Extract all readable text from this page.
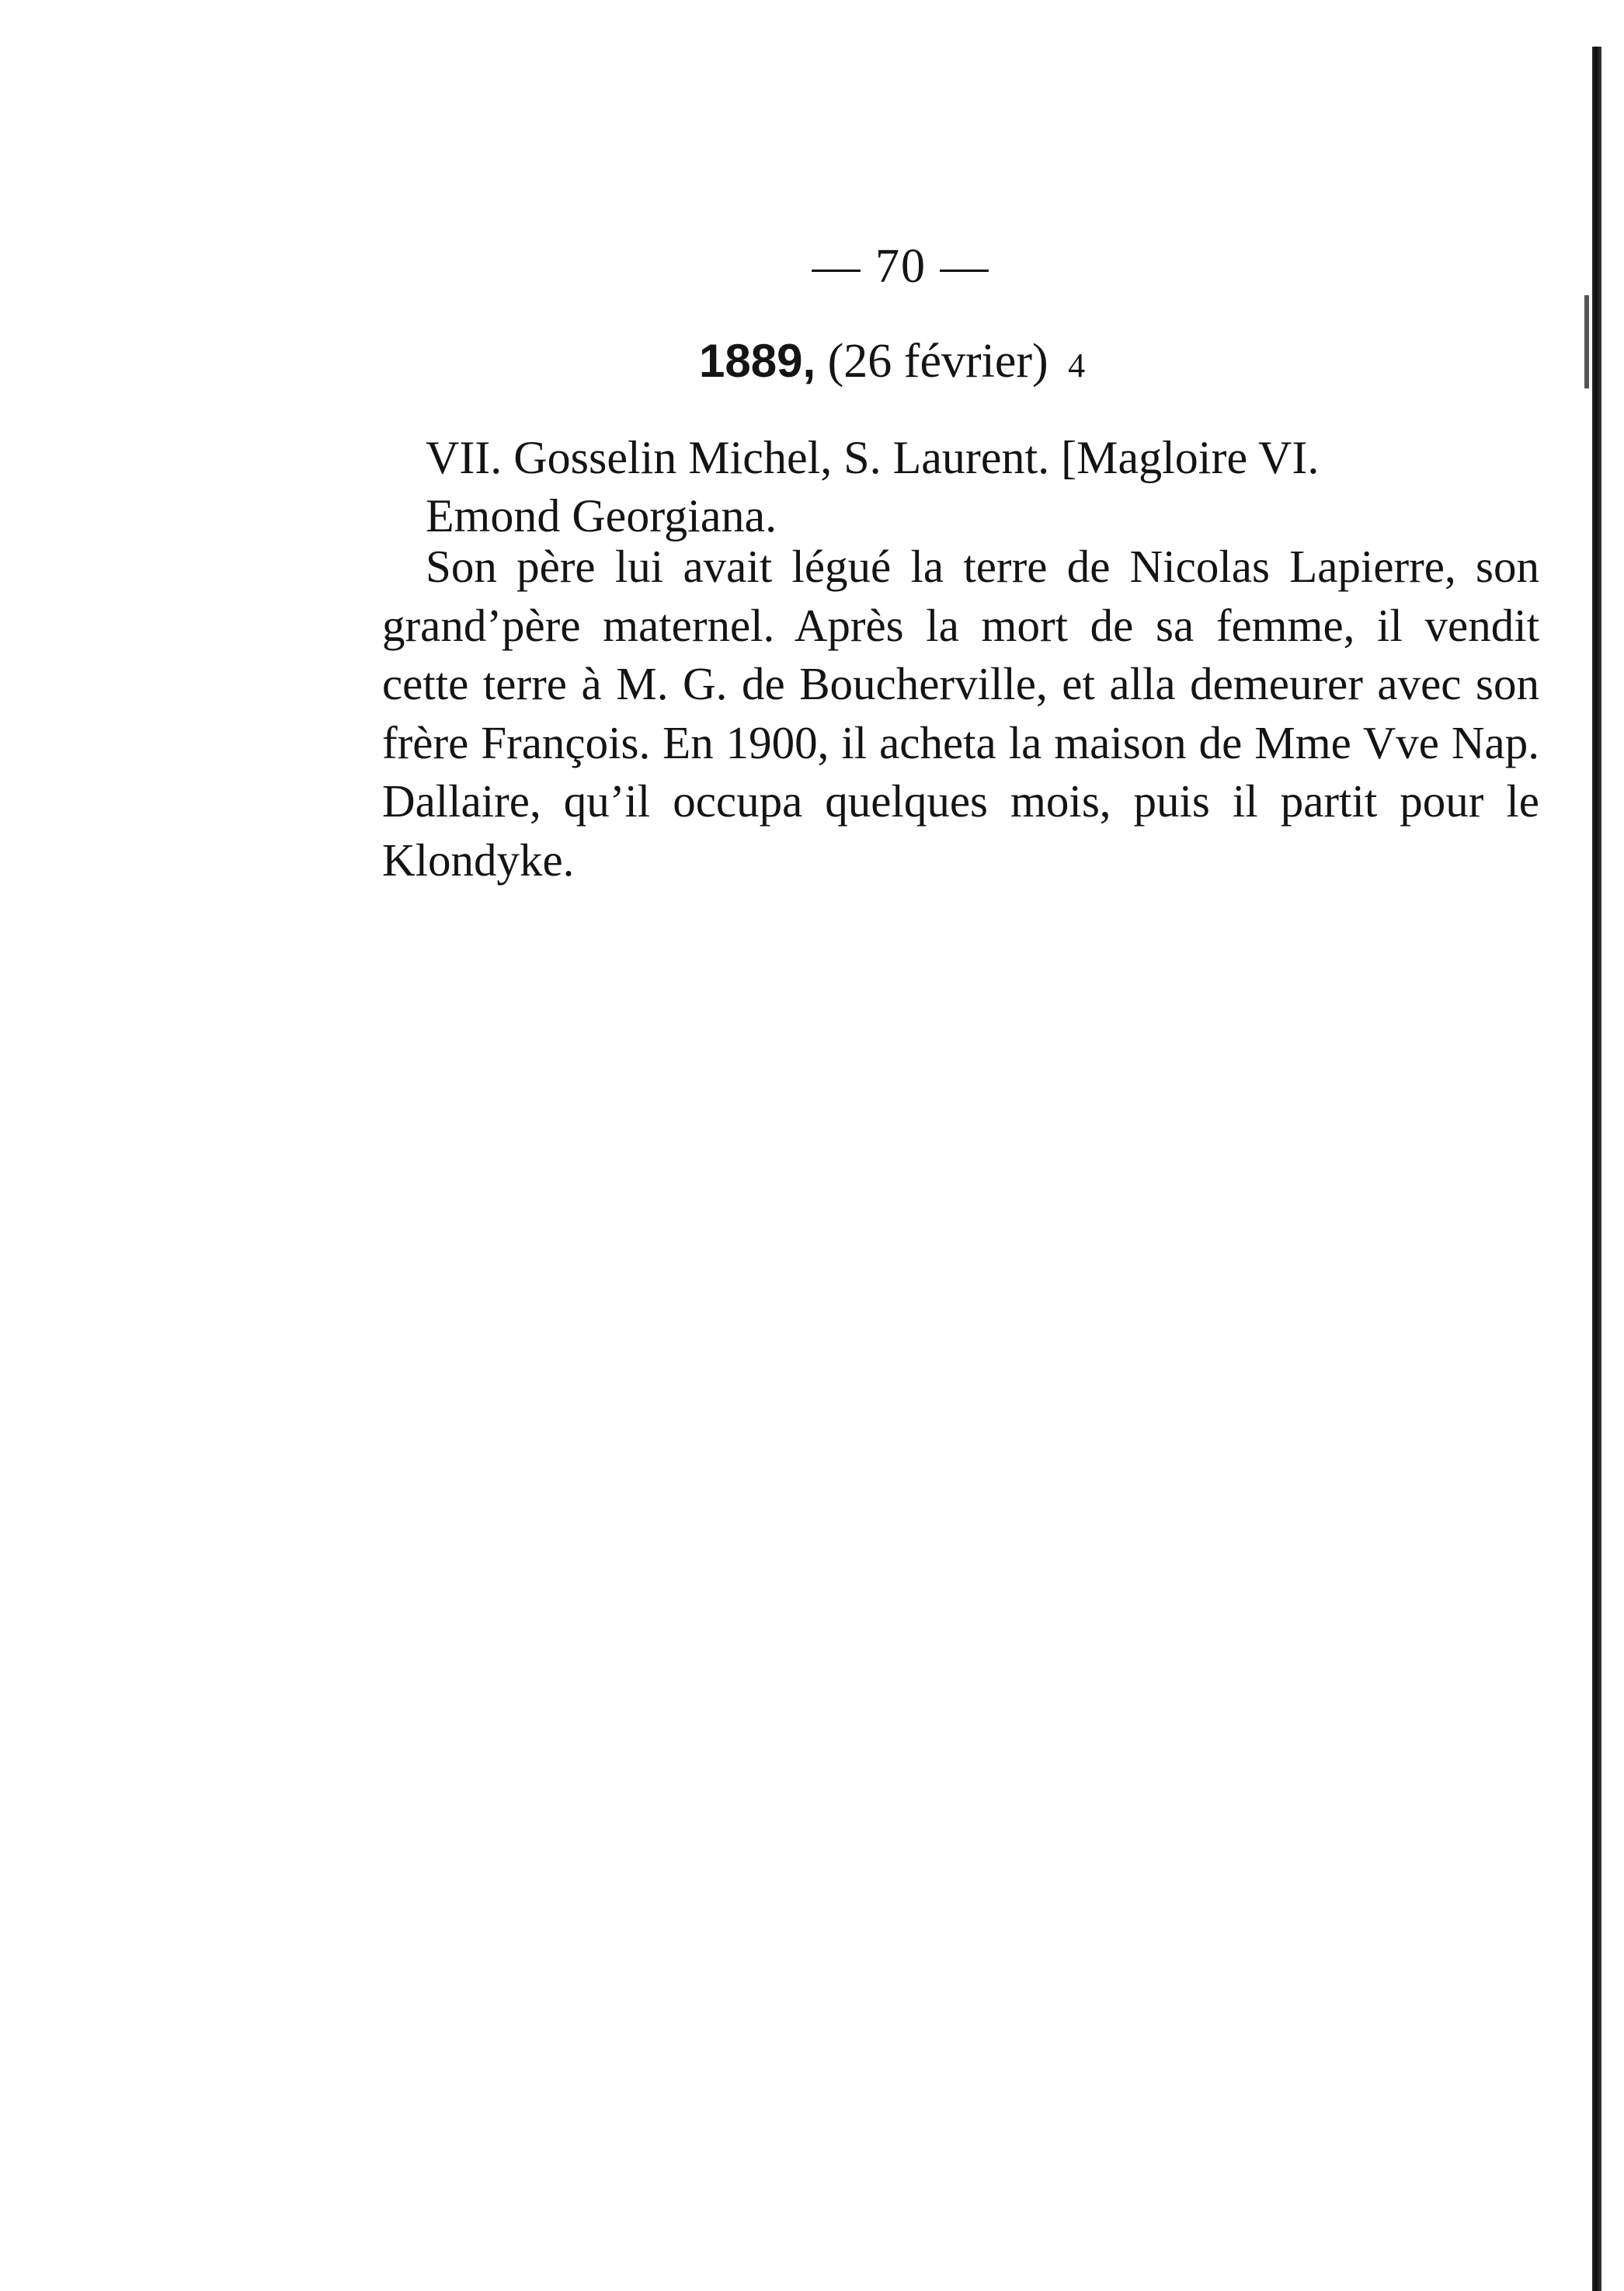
— 70 —
1889, (26 février) 4
VII. Gosselin Michel, S. Laurent. [Magloire VI.
Emond Georgiana.

Son père lui avait légué la terre de Nicolas Lapierre, son grand’père maternel. Après la mort de sa femme, il vendit cette terre à M. G. de Boucherville, et alla demeurer avec son frère François. En 1900, il acheta la maison de Mme Vve Nap. Dallaire, qu’il occupa quelques mois, puis il partit pour le Klondyke.
